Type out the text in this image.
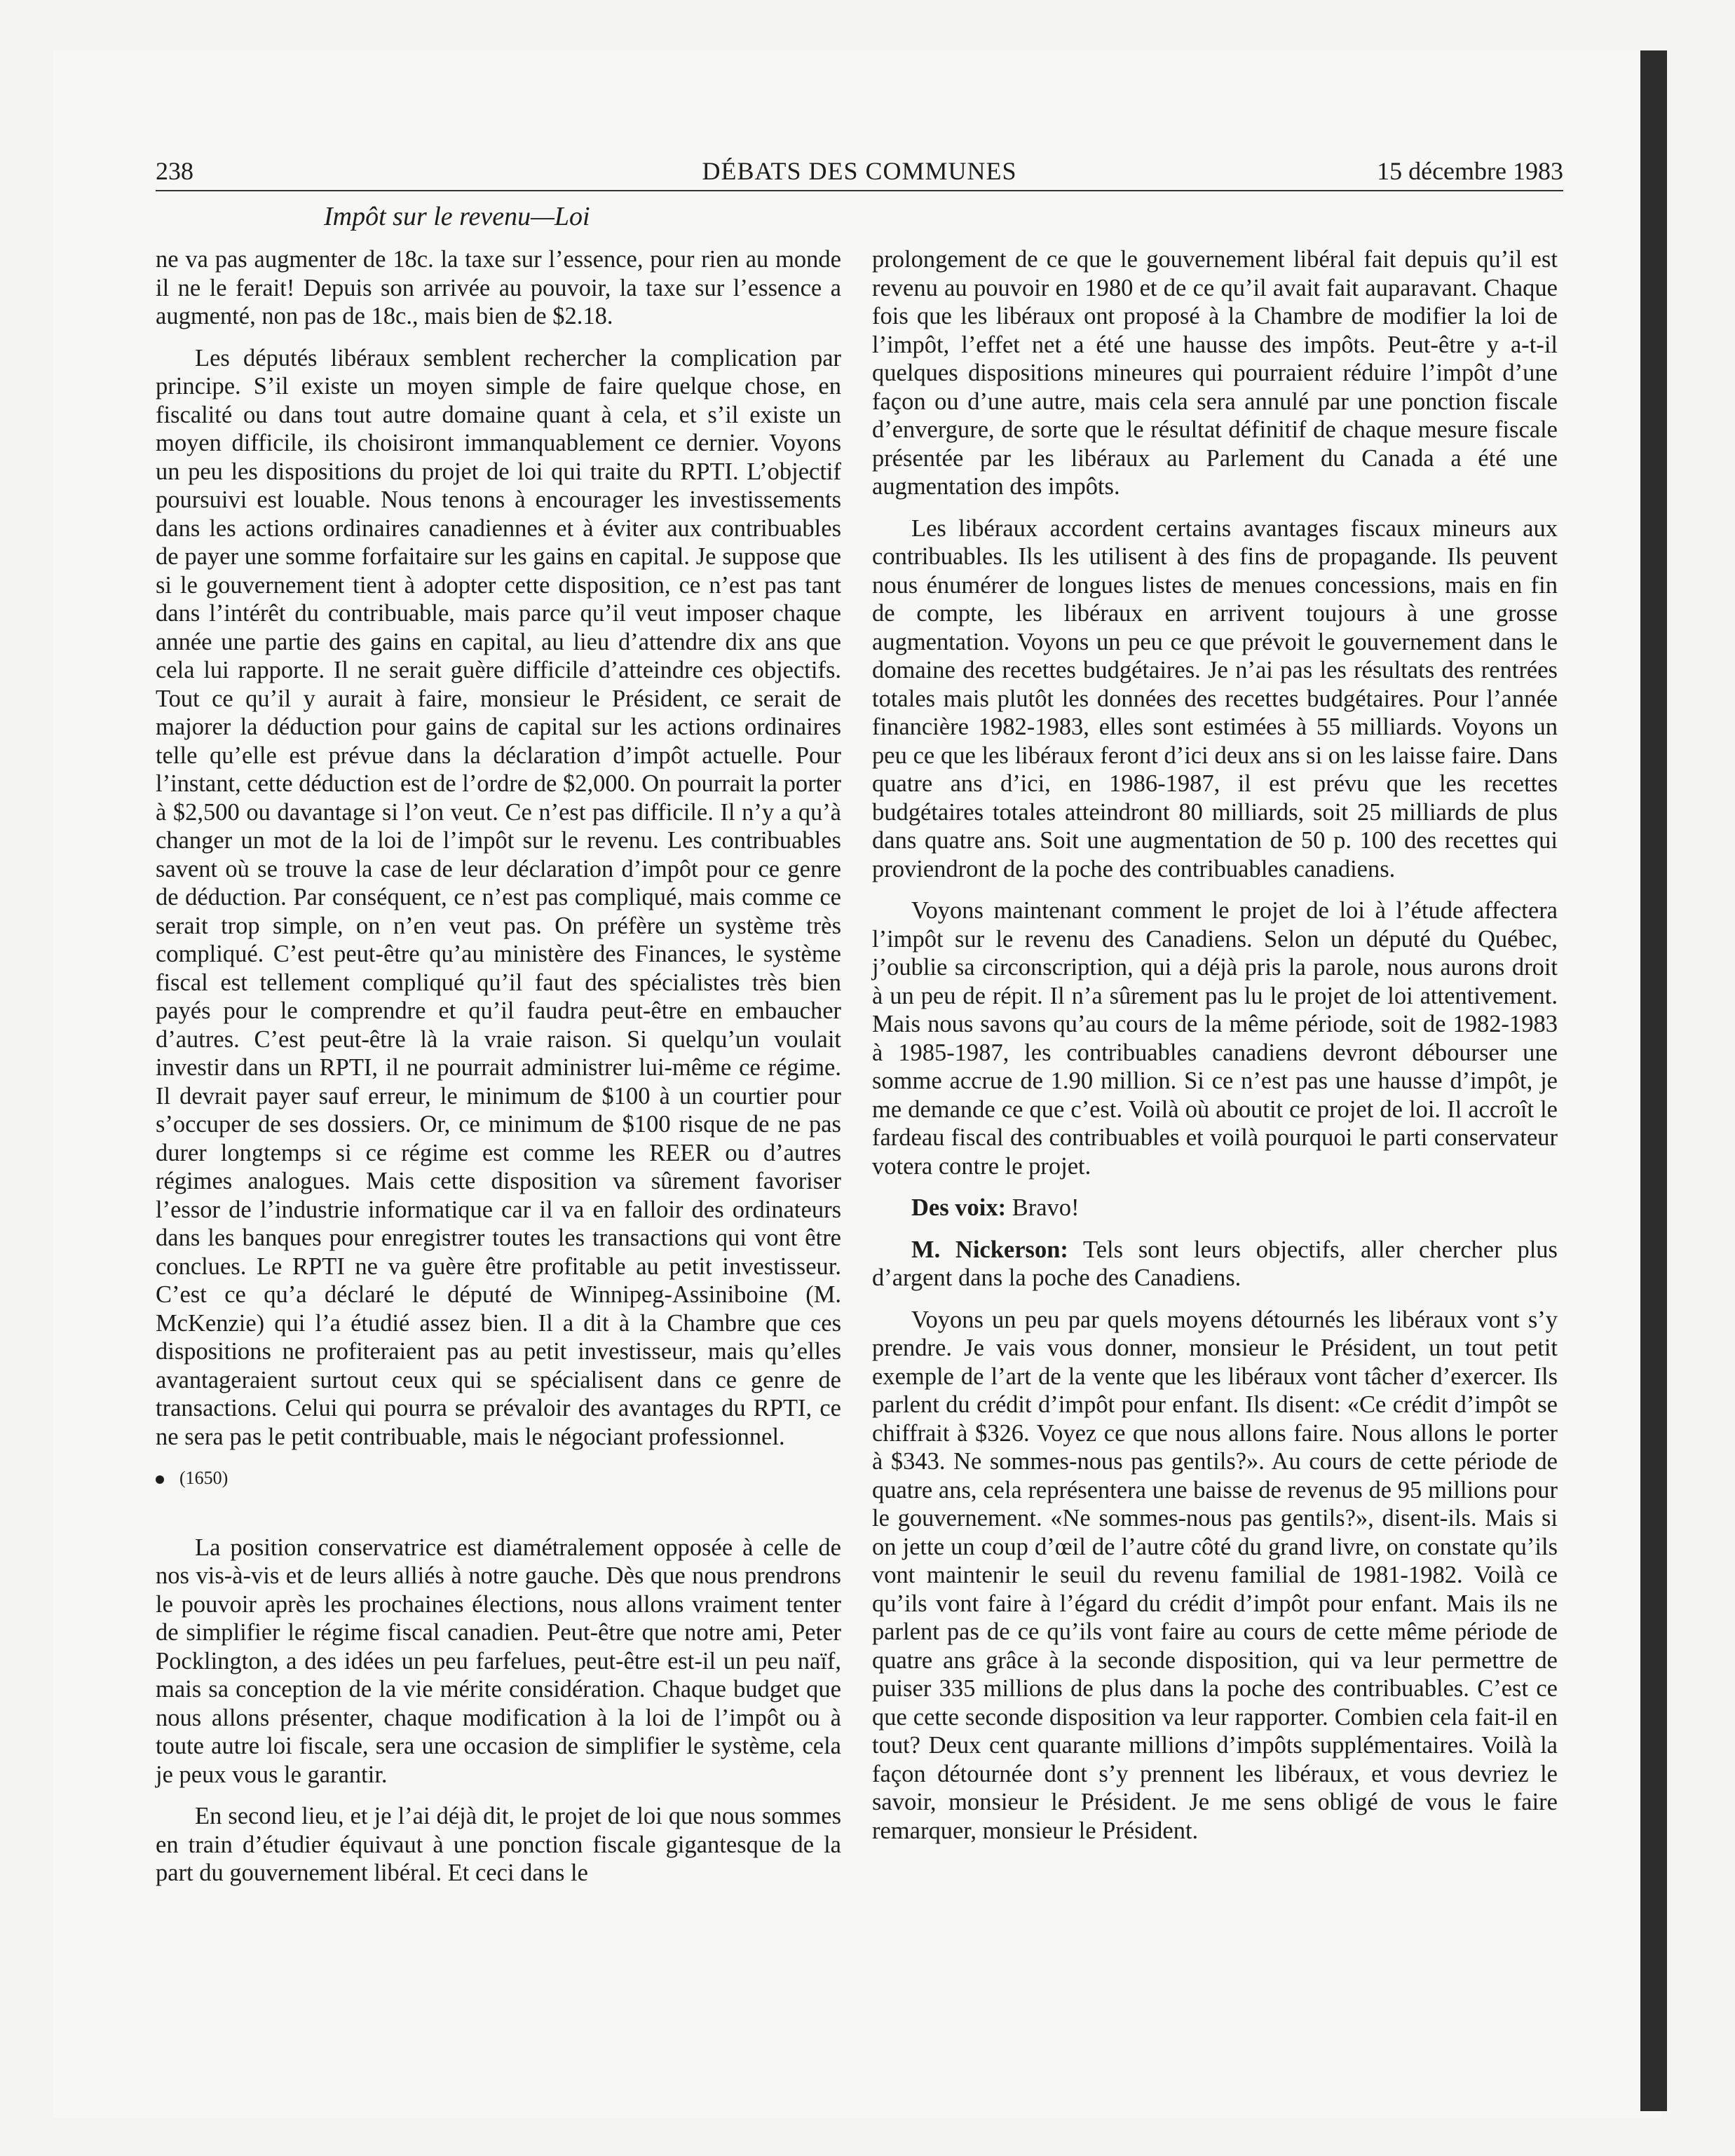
238	DÉBATS DES COMMUNES	15 décembre 1983
Impôt sur le revenu—Loi

ne va pas augmenter de 18c. la taxe sur l’essence, pour rien au monde il ne le ferait! Depuis son arrivée au pouvoir, la taxe sur l’essence a augmenté, non pas de 18c., mais bien de $2.18.

Les députés libéraux semblent rechercher la complication par principe. S’il existe un moyen simple de faire quelque chose, en fiscalité ou dans tout autre domaine quant à cela, et s’il existe un moyen difficile, ils choisiront immanquablement ce dernier. Voyons un peu les dispositions du projet de loi qui traite du RPTI. L’objectif poursuivi est louable. Nous tenons à encourager les investissements dans les actions ordinaires canadiennes et à éviter aux contribuables de payer une somme forfaitaire sur les gains en capital. Je suppose que si le gouvernement tient à adopter cette disposition, ce n’est pas tant dans l’intérêt du contribuable, mais parce qu’il veut imposer chaque année une partie des gains en capital, au lieu d’attendre dix ans que cela lui rapporte. Il ne serait guère difficile d’atteindre ces objectifs. Tout ce qu’il y aurait à faire, monsieur le Président, ce serait de majorer la déduction pour gains de capital sur les actions ordinaires telle qu’elle est prévue dans la déclaration d’impôt actuelle. Pour l’instant, cette déduction est de l’ordre de $2,000. On pourrait la porter à $2,500 ou davantage si l’on veut. Ce n’est pas difficile. Il n’y a qu’à changer un mot de la loi de l’impôt sur le revenu. Les contribuables savent où se trouve la case de leur déclaration d’impôt pour ce genre de déduction. Par conséquent, ce n’est pas compliqué, mais comme ce serait trop simple, on n’en veut pas. On préfère un système très compliqué. C’est peut-être qu’au ministère des Finances, le système fiscal est tellement compliqué qu’il faut des spécialistes très bien payés pour le comprendre et qu’il faudra peut-être en embaucher d’autres. C’est peut-être là la vraie raison. Si quelqu’un voulait investir dans un RPTI, il ne pourrait administrer lui-même ce régime. Il devrait payer sauf erreur, le minimum de $100 à un courtier pour s’occuper de ses dossiers. Or, ce minimum de $100 risque de ne pas durer longtemps si ce régime est comme les REER ou d’autres régimes analogues. Mais cette disposition va sûrement favoriser l’essor de l’industrie informatique car il va en falloir des ordinateurs dans les banques pour enregistrer toutes les transactions qui vont être conclues. Le RPTI ne va guère être profitable au petit investisseur. C’est ce qu’a déclaré le député de Winnipeg-Assiniboine (M. McKenzie) qui l’a étudié assez bien. Il a dit à la Chambre que ces dispositions ne profiteraient pas au petit investisseur, mais qu’elles avantageraient surtout ceux qui se spécialisent dans ce genre de transactions. Celui qui pourra se prévaloir des avantages du RPTI, ce ne sera pas le petit contribuable, mais le négociant professionnel.

(1650)

La position conservatrice est diamétralement opposée à celle de nos vis-à-vis et de leurs alliés à notre gauche. Dès que nous prendrons le pouvoir après les prochaines élections, nous allons vraiment tenter de simplifier le régime fiscal canadien. Peut-être que notre ami, Peter Pocklington, a des idées un peu farfelues, peut-être est-il un peu naïf, mais sa conception de la vie mérite considération. Chaque budget que nous allons présenter, chaque modification à la loi de l’impôt ou à toute autre loi fiscale, sera une occasion de simplifier le système, cela je peux vous le garantir.

En second lieu, et je l’ai déjà dit, le projet de loi que nous sommes en train d’étudier équivaut à une ponction fiscale gigantesque de la part du gouvernement libéral. Et ceci dans le

prolongement de ce que le gouvernement libéral fait depuis qu’il est revenu au pouvoir en 1980 et de ce qu’il avait fait auparavant. Chaque fois que les libéraux ont proposé à la Chambre de modifier la loi de l’impôt, l’effet net a été une hausse des impôts. Peut-être y a-t-il quelques dispositions mineures qui pourraient réduire l’impôt d’une façon ou d’une autre, mais cela sera annulé par une ponction fiscale d’envergure, de sorte que le résultat définitif de chaque mesure fiscale présentée par les libéraux au Parlement du Canada a été une augmentation des impôts.

Les libéraux accordent certains avantages fiscaux mineurs aux contribuables. Ils les utilisent à des fins de propagande. Ils peuvent nous énumérer de longues listes de menues concessions, mais en fin de compte, les libéraux en arrivent toujours à une grosse augmentation. Voyons un peu ce que prévoit le gouvernement dans le domaine des recettes budgétaires. Je n’ai pas les résultats des rentrées totales mais plutôt les données des recettes budgétaires. Pour l’année financière 1982-1983, elles sont estimées à 55 milliards. Voyons un peu ce que les libéraux feront d’ici deux ans si on les laisse faire. Dans quatre ans d’ici, en 1986-1987, il est prévu que les recettes budgétaires totales atteindront 80 milliards, soit 25 milliards de plus dans quatre ans. Soit une augmentation de 50 p. 100 des recettes qui proviendront de la poche des contribuables canadiens.

Voyons maintenant comment le projet de loi à l’étude affectera l’impôt sur le revenu des Canadiens. Selon un député du Québec, j’oublie sa circonscription, qui a déjà pris la parole, nous aurons droit à un peu de répit. Il n’a sûrement pas lu le projet de loi attentivement. Mais nous savons qu’au cours de la même période, soit de 1982-1983 à 1985-1987, les contribuables canadiens devront débourser une somme accrue de 1.90 million. Si ce n’est pas une hausse d’impôt, je me demande ce que c’est. Voilà où aboutit ce projet de loi. Il accroît le fardeau fiscal des contribuables et voilà pourquoi le parti conservateur votera contre le projet.

Des voix: Bravo!

M. Nickerson: Tels sont leurs objectifs, aller chercher plus d’argent dans la poche des Canadiens.

Voyons un peu par quels moyens détournés les libéraux vont s’y prendre. Je vais vous donner, monsieur le Président, un tout petit exemple de l’art de la vente que les libéraux vont tâcher d’exercer. Ils parlent du crédit d’impôt pour enfant. Ils disent: «Ce crédit d’impôt se chiffrait à $326. Voyez ce que nous allons faire. Nous allons le porter à $343. Ne sommes-nous pas gentils?». Au cours de cette période de quatre ans, cela représentera une baisse de revenus de 95 millions pour le gouvernement. «Ne sommes-nous pas gentils?», disent-ils. Mais si on jette un coup d’œil de l’autre côté du grand livre, on constate qu’ils vont maintenir le seuil du revenu familial de 1981-1982. Voilà ce qu’ils vont faire à l’égard du crédit d’impôt pour enfant. Mais ils ne parlent pas de ce qu’ils vont faire au cours de cette même période de quatre ans grâce à la seconde disposition, qui va leur permettre de puiser 335 millions de plus dans la poche des contribuables. C’est ce que cette seconde disposition va leur rapporter. Combien cela fait-il en tout? Deux cent quarante millions d’impôts supplémentaires. Voilà la façon détournée dont s’y prennent les libéraux, et vous devriez le savoir, monsieur le Président. Je me sens obligé de vous le faire remarquer, monsieur le Président.
